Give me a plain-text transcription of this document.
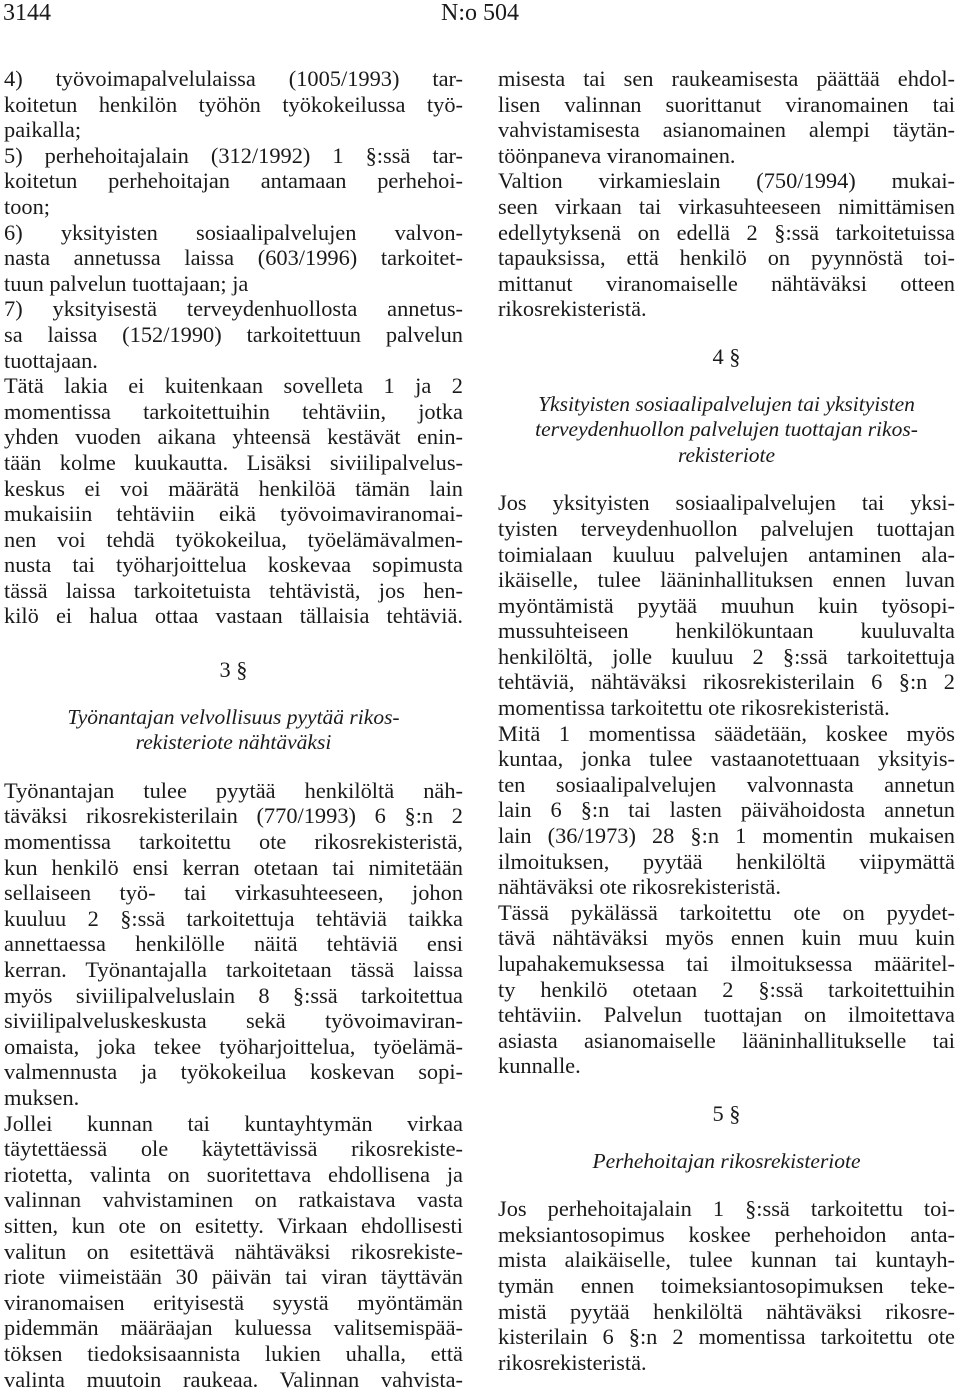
3144	N:o 504
4) työvoimapalvelulaissa (1005/1993) tar-
koitetun henkilön työhön työkokeilussa työ-
paikalla;
5) perhehoitajalain (312/1992) 1 §:ssä tar-
koitetun perhehoitajan antamaan perhehoi-
toon;
6) yksityisten sosiaalipalvelujen valvon-
nasta annetussa laissa (603/1996) tarkoitet-
tuun palvelun tuottajaan; ja
7) yksityisestä terveydenhuollosta annetus-
sa laissa (152/1990) tarkoitettuun palvelun
tuottajaan.
Tätä lakia ei kuitenkaan sovelleta 1 ja 2
momentissa tarkoitettuihin tehtäviin, jotka
yhden vuoden aikana yhteensä kestävät enin-
tään kolme kuukautta. Lisäksi siviilipalvelus-
keskus ei voi määrätä henkilöä tämän lain
mukaisiin tehtäviin eikä työvoimaviranomai-
nen voi tehdä työkokeilua, työelämävalmen-
nusta tai työharjoittelua koskevaa sopimusta
tässä laissa tarkoitetuista tehtävistä, jos hen-
kilö ei halua ottaa vastaan tällaisia tehtäviä.
3 §
Työnantajan velvollisuus pyytää rikos-
rekisteriote nähtäväksi
Työnantajan tulee pyytää henkilöltä näh-
täväksi rikosrekisterilain (770/1993) 6 §:n 2
momentissa tarkoitettu ote rikosrekisteristä,
kun henkilö ensi kerran otetaan tai nimitetään
sellaiseen työ- tai virkasuhteeseen, johon
kuuluu 2 §:ssä tarkoitettuja tehtäviä taikka
annettaessa henkilölle näitä tehtäviä ensi
kerran. Työnantajalla tarkoitetaan tässä laissa
myös siviilipalveluslain 8 §:ssä tarkoitettua
siviilipalveluskeskusta sekä työvoimaviran-
omaista, joka tekee työharjoittelua, työelämä-
valmennusta ja työkokeilua koskevan sopi-
muksen.
Jollei kunnan tai kuntayhtymän virkaa
täytettäessä ole käytettävissä rikosrekiste-
riotetta, valinta on suoritettava ehdollisena ja
valinnan vahvistaminen on ratkaistava vasta
sitten, kun ote on esitetty. Virkaan ehdollisesti
valitun on esitettävä nähtäväksi rikosrekiste-
riote viimeistään 30 päivän tai viran täyttävän
viranomaisen erityisestä syystä myöntämän
pidemmän määräajan kuluessa valitsemispää-
töksen tiedoksisaannista lukien uhalla, että
valinta muutoin raukeaa. Valinnan vahvista-
misesta tai sen raukeamisesta päättää ehdol-
lisen valinnan suorittanut viranomainen tai
vahvistamisesta asianomainen alempi täytän-
töönpaneva viranomainen.
Valtion virkamieslain (750/1994) mukai-
seen virkaan tai virkasuhteeseen nimittämisen
edellytyksenä on edellä 2 §:ssä tarkoitetuissa
tapauksissa, että henkilö on pyynnöstä toi-
mittanut viranomaiselle nähtäväksi otteen
rikosrekisteristä.
4 §
Yksityisten sosiaalipalvelujen tai yksityisten
terveydenhuollon palvelujen tuottajan rikos-
rekisteriote
Jos yksityisten sosiaalipalvelujen tai yksi-
tyisten terveydenhuollon palvelujen tuottajan
toimialaan kuuluu palvelujen antaminen ala-
ikäiselle, tulee lääninhallituksen ennen luvan
myöntämistä pyytää muuhun kuin työsopi-
mussuhteiseen henkilökuntaan kuuluvalta
henkilöltä, jolle kuuluu 2 §:ssä tarkoitettuja
tehtäviä, nähtäväksi rikosrekisterilain 6 §:n 2
momentissa tarkoitettu ote rikosrekisteristä.
Mitä 1 momentissa säädetään, koskee myös
kuntaa, jonka tulee vastaanotettuaan yksityis-
ten sosiaalipalvelujen valvonnasta annetun
lain 6 §:n tai lasten päivähoidosta annetun
lain (36/1973) 28 §:n 1 momentin mukaisen
ilmoituksen, pyytää henkilöltä viipymättä
nähtäväksi ote rikosrekisteristä.
Tässä pykälässä tarkoitettu ote on pyydet-
tävä nähtäväksi myös ennen kuin muu kuin
lupahakemuksessa tai ilmoituksessa määritel-
ty henkilö otetaan 2 §:ssä tarkoitettuihin
tehtäviin. Palvelun tuottajan on ilmoitettava
asiasta asianomaiselle lääninhallitukselle tai
kunnalle.
5 §
Perhehoitajan rikosrekisteriote
Jos perhehoitajalain 1 §:ssä tarkoitettu toi-
meksiantosopimus koskee perhehoidon anta-
mista alaikäiselle, tulee kunnan tai kuntayh-
tymän ennen toimeksiantosopimuksen teke-
mistä pyytää henkilöltä nähtäväksi rikosre-
kisterilain 6 §:n 2 momentissa tarkoitettu ote
rikosrekisteristä.
